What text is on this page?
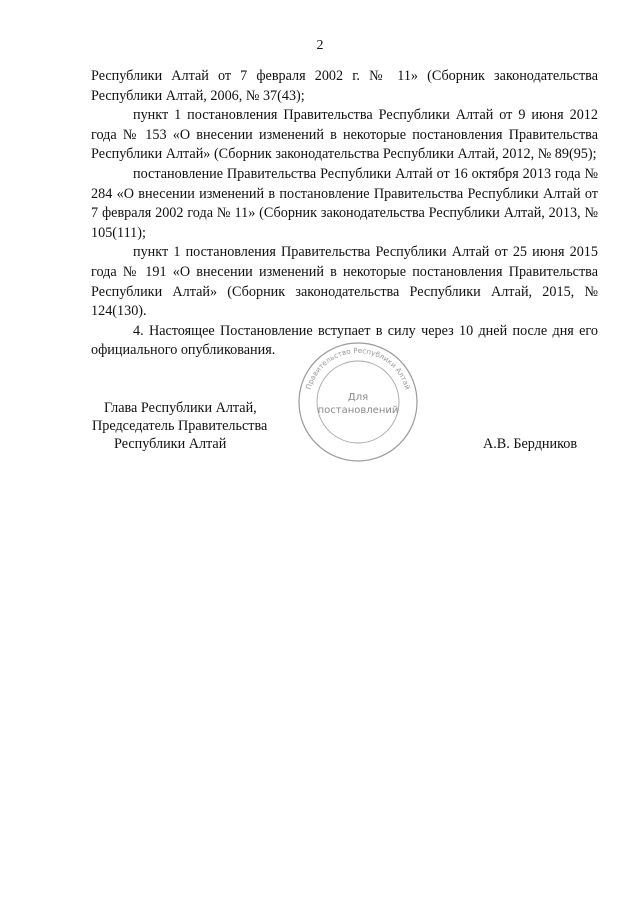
2

Республики Алтай от 7 февраля 2002 г. № 11» (Сборник законодательства Республики Алтай, 2006, № 37(43);

пункт 1 постановления Правительства Республики Алтай от 9 июня 2012 года № 153 «О внесении изменений в некоторые постановления Правительства Республики Алтай» (Сборник законодательства Республики Алтай, 2012, № 89(95);

постановление Правительства Республики Алтай от 16 октября 2013 года № 284 «О внесении изменений в постановление Правительства Республики Алтай от 7 февраля 2002 года № 11» (Сборник законодательства Республики Алтай, 2013, № 105(111);

пункт 1 постановления Правительства Республики Алтай от 25 июня 2015 года № 191 «О внесении изменений в некоторые постановления Правительства Республики Алтай» (Сборник законодательства Республики Алтай, 2015, № 124(130).

4. Настоящее Постановление вступает в силу через 10 дней после дня его официального опубликования.

Глава Республики Алтай,
Председатель Правительства
Республики Алтай	А.В. Бердников
Правительство Республики Алтай
Для
постановлений
